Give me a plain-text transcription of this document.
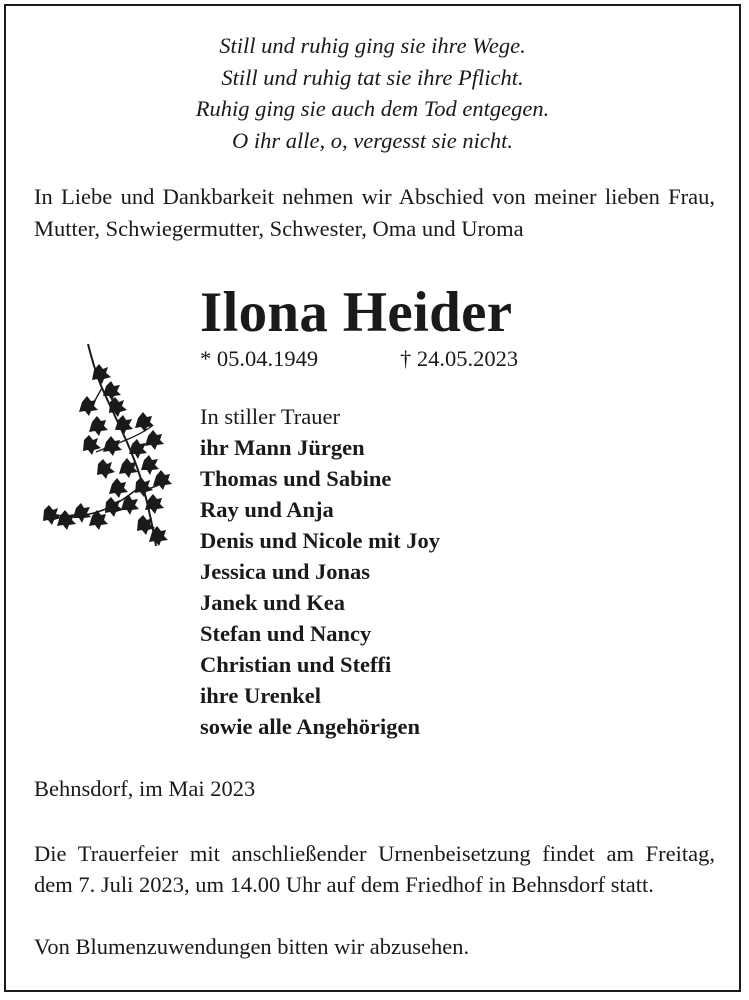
Still und ruhig ging sie ihre Wege.
Still und ruhig tat sie ihre Pflicht.
Ruhig ging sie auch dem Tod entgegen.
O ihr alle, o, vergesst sie nicht.
In Liebe und Dankbarkeit nehmen wir Abschied von meiner lieben Frau, Mutter, Schwiegermutter, Schwester, Oma und Uroma
Ilona Heider
* 05.04.1949	† 24.05.2023
In stiller Trauer
ihr Mann Jürgen
Thomas und Sabine
Ray und Anja
Denis und Nicole mit Joy
Jessica und Jonas
Janek und Kea
Stefan und Nancy
Christian und Steffi
ihre Urenkel
sowie alle Angehörigen
Behnsdorf, im Mai 2023
Die Trauerfeier mit anschließender Urnenbeisetzung findet am Freitag, dem 7. Juli 2023, um 14.00 Uhr auf dem Friedhof in Behnsdorf statt.
Von Blumenzuwendungen bitten wir abzusehen.
